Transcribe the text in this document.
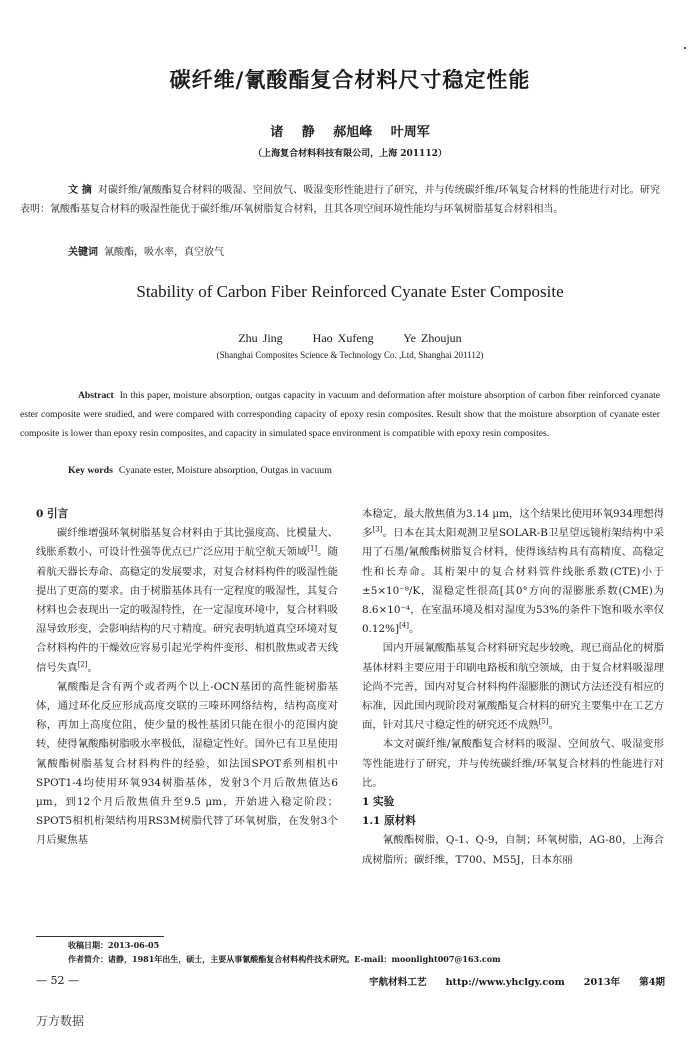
碳纤维/氰酸酯复合材料尺寸稳定性能
诸 静 郝旭峰 叶周军
（上海复合材料科技有限公司，上海 201112）
文 摘 对碳纤维/氰酸酯复合材料的吸湿、空间放气、吸湿变形性能进行了研究，并与传统碳纤维/环氧复合材料的性能进行对比。研究表明：氰酸酯基复合材料的吸湿性能优于碳纤维/环氧树脂复合材料，且其各项空间环境性能均与环氧树脂基复合材料相当。
关键词 氰酸酯，吸水率，真空放气
Stability of Carbon Fiber Reinforced Cyanate Ester Composite
Zhu Jing      Hao Xufeng      Ye Zhoujun
(Shanghai Composites Science & Technology Co. ,Ltd, Shanghai 201112)
Abstract In this paper, moisture absorption, outgas capacity in vacuum and deformation after moisture absorption of carbon fiber reinforced cyanate ester composite were studied, and were compared with corresponding capacity of epoxy resin composites. Result show that the moisture absorption of cyanate ester composite is lower than epoxy resin composites, and capacity in simulated space environment is compatible with epoxy resin composites.
Key words Cyanate ester, Moisture absorption, Outgas in vacuum
0 引言

碳纤维增强环氧树脂基复合材料由于其比强度高、比模量大、线胀系数小、可设计性强等优点已广泛应用于航空航天领域[1]。随着航天器长寿命、高稳定的发展要求，对复合材料构件的吸湿性能提出了更高的要求。由于树脂基体具有一定程度的吸湿性，其复合材料也会表现出一定的吸湿特性，在一定湿度环境中，复合材料吸湿导致形变，会影响结构的尺寸精度。研究表明轨道真空环境对复合材料构件的干燥效应容易引起光学构件变形、相机散焦或者天线信号失真[2]。

氰酸酯是含有两个或者两个以上-OCN基团的高性能树脂基体，通过环化反应形成高度交联的三嗪环网络结构，结构高度对称，再加上高度位阻，使少量的极性基团只能在很小的范围内旋转，使得氰酸酯树脂吸水率极低，湿稳定性好。国外已有卫星使用氰酸酯树脂基复合材料构件的经验，如法国SPOT系列相机中SPOT1-4均使用环氧934树脂基体，发射3个月后散焦值达6 μm，到12个月后散焦值升至9.5 μm，开始进入稳定阶段；SPOT5相机桁架结构用RS3M树脂代替了环氧树脂，在发射3个月后聚焦基

本稳定，最大散焦值为3.14 μm，这个结果比使用环氧934理想得多[3]。日本在其太阳观测卫星SOLAR-B卫星望远镜桁架结构中采用了石墨/氰酸酯树脂复合材料，使得该结构具有高精度、高稳定性和长寿命。其桁架中的复合材料管件线胀系数(CTE)小于±5×10⁻⁸/K，湿稳定性很高[其0°方向的湿膨胀系数(CME)为8.6×10⁻⁴，在室温环境及相对湿度为53%的条件下饱和吸水率仅0.12%][4]。

国内开展氰酸酯基复合材料研究起步较晚，现已商品化的树脂基体材料主要应用于印刷电路板和航空领域，由于复合材料吸湿理论尚不完善，国内对复合材料构件湿膨胀的测试方法还没有相应的标准，因此国内现阶段对氰酸酯复合材料的研究主要集中在工艺方面，针对其尺寸稳定性的研究还不成熟[5]。

本文对碳纤维/氰酸酯复合材料的吸湿、空间放气、吸湿变形等性能进行了研究，并与传统碳纤维/环氧复合材料的性能进行对比。

1 实验
1.1 原材料

氰酸酯树脂，Q-1、Q-9，自制；环氧树脂，AG-80，上海合成树脂所；碳纤维，T700、M55J，日本东丽

收稿日期：2013-06-05
作者简介：诸静，1981年出生，硕士，主要从事氰酸酯复合材料构件技术研究。E-mail：moonlight007@163.com
— 52 —	宇航材料工艺   http://www.yhclgy.com   2013年   第4期
万方数据
